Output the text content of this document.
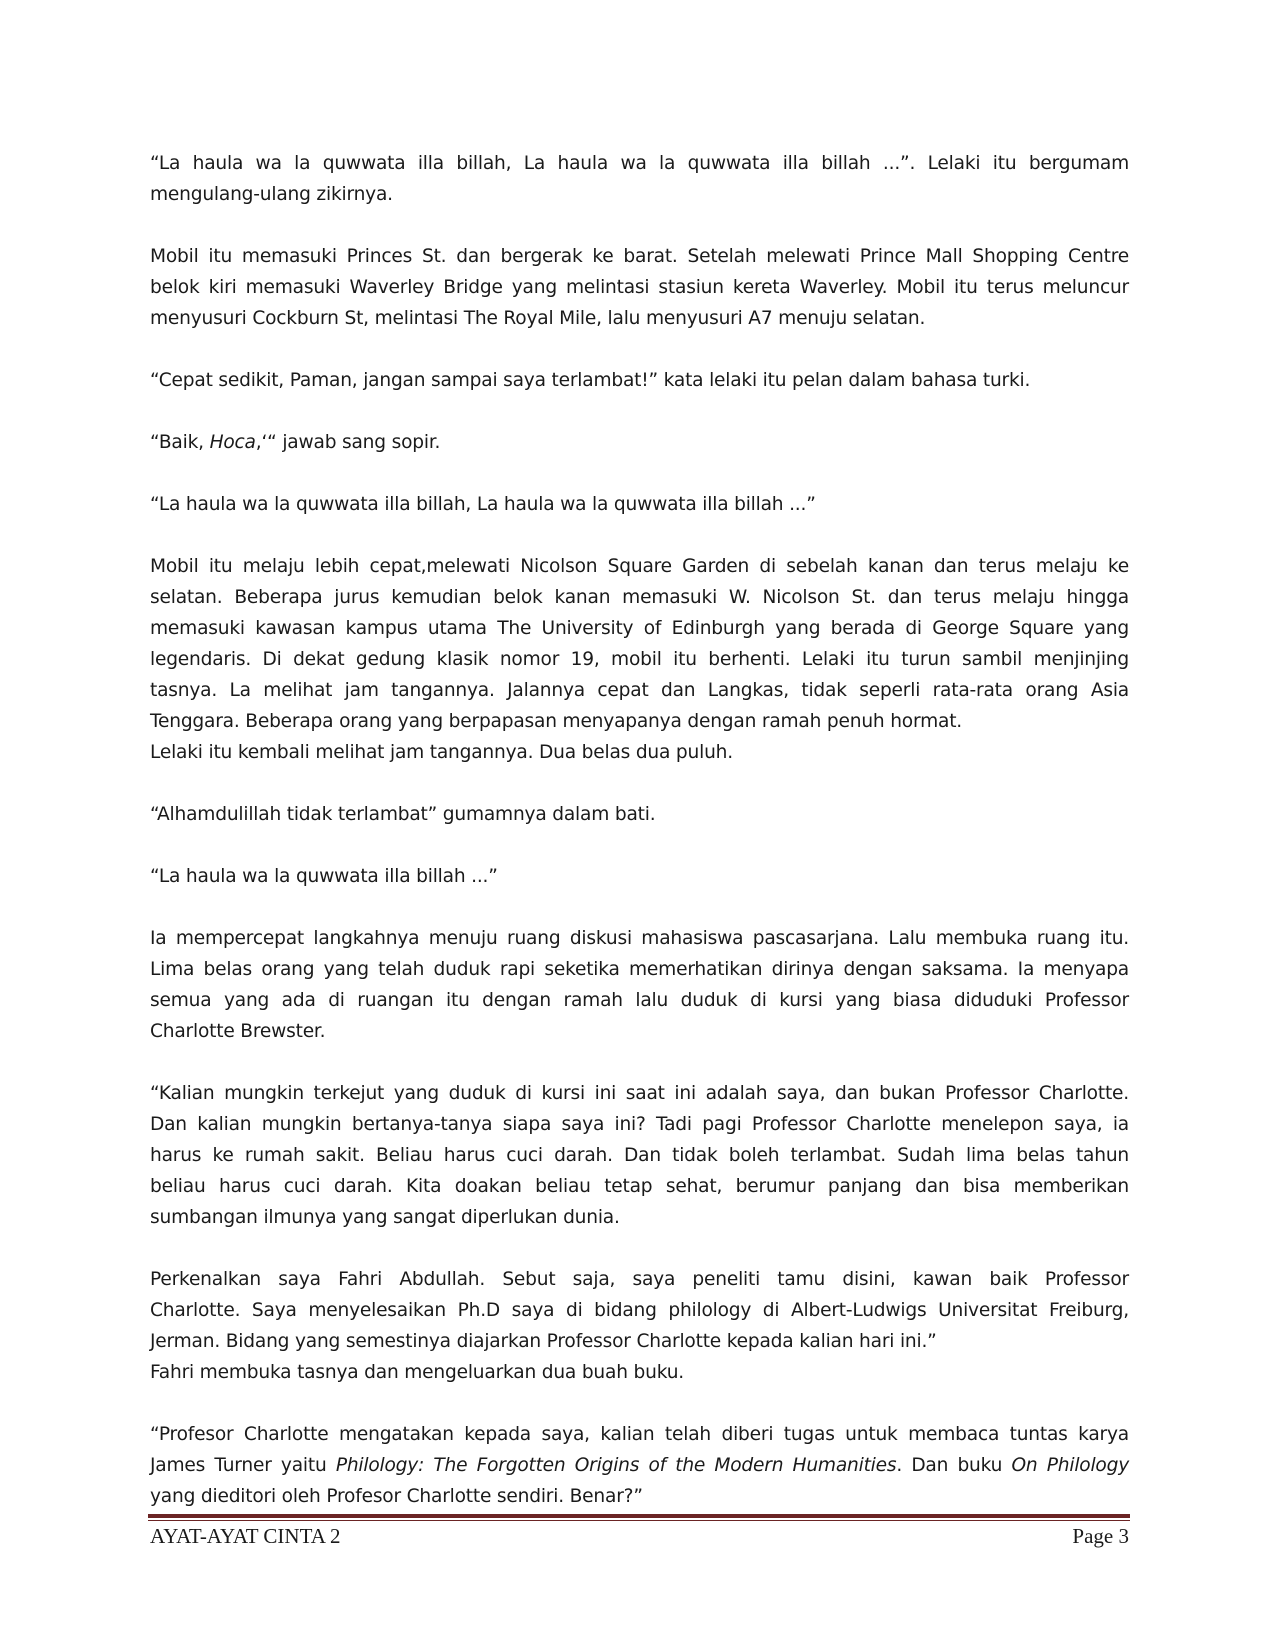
“La haula wa la quwwata illa billah, La haula wa la quwwata illa billah ...”. Lelaki itu bergumam
mengulang-ulang zikirnya.

Mobil itu memasuki Princes St. dan bergerak ke barat. Setelah melewati Prince Mall Shopping Centre
belok kiri memasuki Waverley Bridge yang melintasi stasiun kereta Waverley. Mobil itu terus meluncur
menyusuri Cockburn St, melintasi The Royal Mile, lalu menyusuri A7 menuju selatan.

“Cepat sedikit, Paman, jangan sampai saya terlambat!” kata lelaki itu pelan dalam bahasa turki.

“Baik, Hoca,‘“ jawab sang sopir.

“La haula wa la quwwata illa billah, La haula wa la quwwata illa billah ...”

Mobil itu melaju lebih cepat,melewati Nicolson Square Garden di sebelah kanan dan terus melaju ke
selatan. Beberapa jurus kemudian belok kanan memasuki W. Nicolson St. dan terus melaju hingga
memasuki kawasan kampus utama The University of Edinburgh yang berada di George Square yang
legendaris. Di dekat gedung klasik nomor 19, mobil itu berhenti. Lelaki itu turun sambil menjinjing
tasnya. La melihat jam tangannya. Jalannya cepat dan Langkas, tidak seperli rata-rata orang Asia
Tenggara. Beberapa orang yang berpapasan menyapanya dengan ramah penuh hormat.

Lelaki itu kembali melihat jam tangannya. Dua belas dua puluh.

“Alhamdulillah tidak terlambat” gumamnya dalam bati.

“La haula wa la quwwata illa billah ...”

Ia mempercepat langkahnya menuju ruang diskusi mahasiswa pascasarjana. Lalu membuka ruang itu.
Lima belas orang yang telah duduk rapi seketika memerhatikan dirinya dengan saksama. Ia menyapa
semua yang ada di ruangan itu dengan ramah lalu duduk di kursi yang biasa diduduki Professor
Charlotte Brewster.

“Kalian mungkin terkejut yang duduk di kursi ini saat ini adalah saya, dan bukan Professor Charlotte.
Dan kalian mungkin bertanya-tanya siapa saya ini? Tadi pagi Professor Charlotte menelepon saya, ia
harus ke rumah sakit. Beliau harus cuci darah. Dan tidak boleh terlambat. Sudah lima belas tahun
beliau harus cuci darah. Kita doakan beliau tetap sehat, berumur panjang dan bisa memberikan
sumbangan ilmunya yang sangat diperlukan dunia.

Perkenalkan saya Fahri Abdullah. Sebut saja, saya peneliti tamu disini, kawan baik Professor
Charlotte. Saya menyelesaikan Ph.D saya di bidang philology di Albert-Ludwigs Universitat Freiburg,
Jerman. Bidang yang semestinya diajarkan Professor Charlotte kepada kalian hari ini.”
Fahri membuka tasnya dan mengeluarkan dua buah buku.

“Profesor Charlotte mengatakan kepada saya, kalian telah diberi tugas untuk membaca tuntas karya
James Turner yaitu Philology: The Forgotten Origins of the Modern Humanities. Dan buku On Philology
yang dieditori oleh Profesor Charlotte sendiri. Benar?”

AYAT-AYAT CINTA 2	Page 3
